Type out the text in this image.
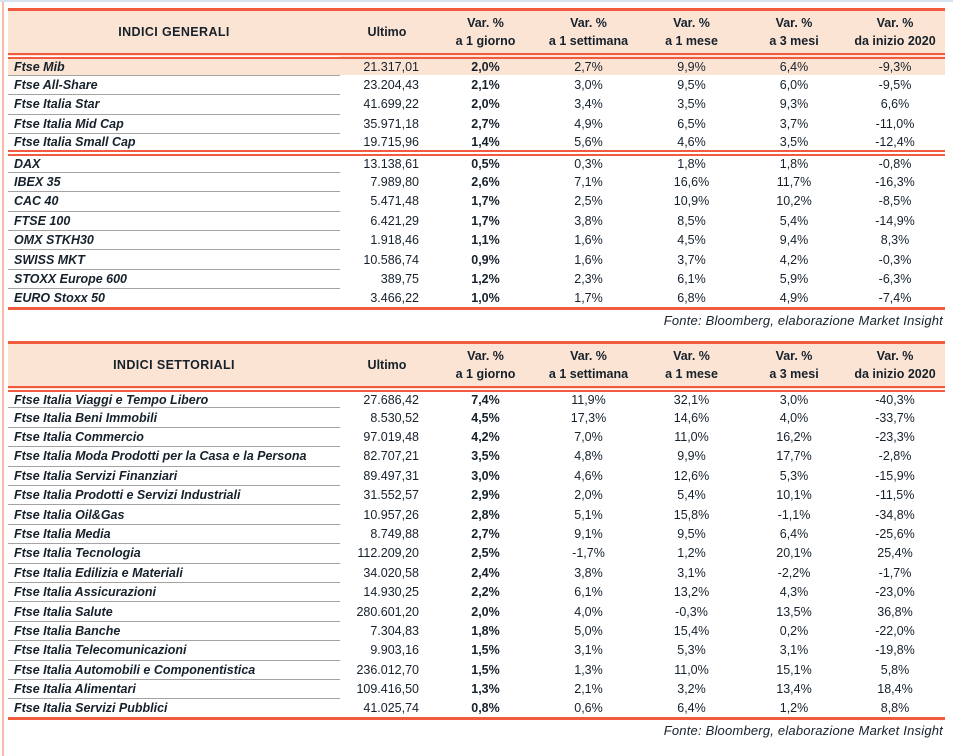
INDICI GENERALI	Ultimo	
Var. %
a 1 giorno

Var. %
a 1 settimana

Var. %
a 1 mese

Var. %
a 3 mesi

Var. %
da inizio 2020

Ftse Mib	21.317,01	2,0%	2,7%	9,9%	6,4%	-9,3%
Ftse All-Share	23.204,43	2,1%	3,0%	9,5%	6,0%	-9,5%
Ftse Italia Star	41.699,22	2,0%	3,4%	3,5%	9,3%	6,6%
Ftse Italia Mid Cap	35.971,18	2,7%	4,9%	6,5%	3,7%	-11,0%
Ftse Italia Small Cap	19.715,96	1,4%	5,6%	4,6%	3,5%	-12,4%
DAX	13.138,61	0,5%	0,3%	1,8%	1,8%	-0,8%
IBEX 35	7.989,80	2,6%	7,1%	16,6%	11,7%	-16,3%
CAC 40	5.471,48	1,7%	2,5%	10,9%	10,2%	-8,5%
FTSE 100	6.421,29	1,7%	3,8%	8,5%	5,4%	-14,9%
OMX STKH30	1.918,46	1,1%	1,6%	4,5%	9,4%	8,3%
SWISS MKT	10.586,74	0,9%	1,6%	3,7%	4,2%	-0,3%
STOXX Europe 600	389,75	1,2%	2,3%	6,1%	5,9%	-6,3%
EURO Stoxx 50	3.466,22	1,0%	1,7%	6,8%	4,9%	-7,4%
Fonte: Bloomberg, elaborazione Market Insight
INDICI SETTORIALI	Ultimo	
Var. %
a 1 giorno

Var. %
a 1 settimana

Var. %
a 1 mese

Var. %
a 3 mesi

Var. %
da inizio 2020

Ftse Italia Viaggi e Tempo Libero	27.686,42	7,4%	11,9%	32,1%	3,0%	-40,3%
Ftse Italia Beni Immobili	8.530,52	4,5%	17,3%	14,6%	4,0%	-33,7%
Ftse Italia Commercio	97.019,48	4,2%	7,0%	11,0%	16,2%	-23,3%
Ftse Italia Moda Prodotti per la Casa e la Persona	82.707,21	3,5%	4,8%	9,9%	17,7%	-2,8%
Ftse Italia Servizi Finanziari	89.497,31	3,0%	4,6%	12,6%	5,3%	-15,9%
Ftse Italia Prodotti e Servizi Industriali	31.552,57	2,9%	2,0%	5,4%	10,1%	-11,5%
Ftse Italia Oil&Gas	10.957,26	2,8%	5,1%	15,8%	-1,1%	-34,8%
Ftse Italia Media	8.749,88	2,7%	9,1%	9,5%	6,4%	-25,6%
Ftse Italia Tecnologia	112.209,20	2,5%	-1,7%	1,2%	20,1%	25,4%
Ftse Italia Edilizia e Materiali	34.020,58	2,4%	3,8%	3,1%	-2,2%	-1,7%
Ftse Italia Assicurazioni	14.930,25	2,2%	6,1%	13,2%	4,3%	-23,0%
Ftse Italia Salute	280.601,20	2,0%	4,0%	-0,3%	13,5%	36,8%
Ftse Italia Banche	7.304,83	1,8%	5,0%	15,4%	0,2%	-22,0%
Ftse Italia Telecomunicazioni	9.903,16	1,5%	3,1%	5,3%	3,1%	-19,8%
Ftse Italia Automobili e Componentistica	236.012,70	1,5%	1,3%	11,0%	15,1%	5,8%
Ftse Italia Alimentari	109.416,50	1,3%	2,1%	3,2%	13,4%	18,4%
Ftse Italia Servizi Pubblici	41.025,74	0,8%	0,6%	6,4%	1,2%	8,8%
Fonte: Bloomberg, elaborazione Market Insight
